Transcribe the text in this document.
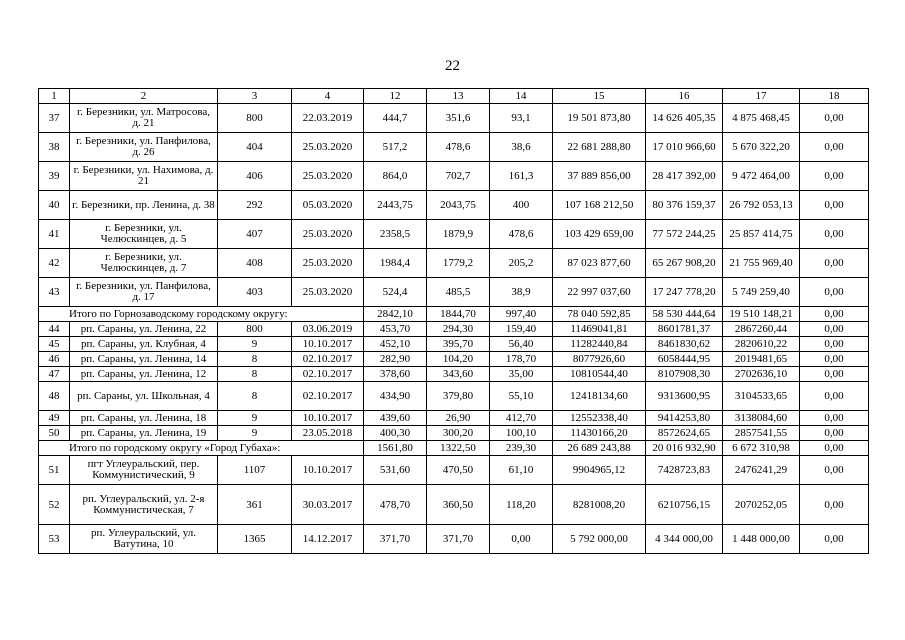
22
1	2	3	4	12	13	14	15	16	17	18
37	г. Березники, ул. Матросова, д. 21	800	22.03.2019	444,7	351,6	93,1	19 501 873,80	14 626 405,35	4 875 468,45	0,00
38	г. Березники, ул. Панфилова, д. 26	404	25.03.2020	517,2	478,6	38,6	22 681 288,80	17 010 966,60	5 670 322,20	0,00
39	г. Березники, ул. Нахимова, д. 21	406	25.03.2020	864,0	702,7	161,3	37 889 856,00	28 417 392,00	9 472 464,00	0,00
40	г. Березники, пр. Ленина, д. 38	292	05.03.2020	2443,75	2043,75	400	107 168 212,50	80 376 159,37	26 792 053,13	0,00
41	г. Березники, ул. Челюскинцев, д. 5	407	25.03.2020	2358,5	1879,9	478,6	103 429 659,00	77 572 244,25	25 857 414,75	0,00
42	г. Березники, ул. Челюскинцев, д. 7	408	25.03.2020	1984,4	1779,2	205,2	87 023 877,60	65 267 908,20	21 755 969,40	0,00
43	г. Березники, ул. Панфилова, д. 17	403	25.03.2020	524,4	485,5	38,9	22 997 037,60	17 247 778,20	5 749 259,40	0,00
Итого по Горнозаводскому городскому округу:				2842,10	1844,70	997,40	78 040 592,85	58 530 444,64	19 510 148,21	0,00
44	рп. Сараны, ул. Ленина, 22	800	03.06.2019	453,70	294,30	159,40	11469041,81	8601781,37	2867260,44	0,00
45	рп. Сараны, ул. Клубная, 4	9	10.10.2017	452,10	395,70	56,40	11282440,84	8461830,62	2820610,22	0,00
46	рп. Сараны, ул. Ленина, 14	8	02.10.2017	282,90	104,20	178,70	8077926,60	6058444,95	2019481,65	0,00
47	рп. Сараны, ул. Ленина, 12	8	02.10.2017	378,60	343,60	35,00	10810544,40	8107908,30	2702636,10	0,00
48	рп. Сараны, ул. Школьная, 4	8	02.10.2017	434,90	379,80	55,10	12418134,60	9313600,95	3104533,65	0,00
49	рп. Сараны, ул. Ленина, 18	9	10.10.2017	439,60	26,90	412,70	12552338,40	9414253,80	3138084,60	0,00
50	рп. Сараны, ул. Ленина, 19	9	23.05.2018	400,30	300,20	100,10	11430166,20	8572624,65	2857541,55	0,00
Итого по городскому округу «Город Губаха»:				1561,80	1322,50	239,30	26 689 243,88	20 016 932,90	6 672 310,98	0,00
51	пгт Углеуральский, пер. Коммунистический, 9	1107	10.10.2017	531,60	470,50	61,10	9904965,12	7428723,83	2476241,29	0,00
52	рп. Углеуральский, ул. 2-я Коммунистическая, 7	361	30.03.2017	478,70	360,50	118,20	8281008,20	6210756,15	2070252,05	0,00
53	рп. Углеуральский, ул. Ватутина, 10	1365	14.12.2017	371,70	371,70	0,00	5 792 000,00	4 344 000,00	1 448 000,00	0,00
